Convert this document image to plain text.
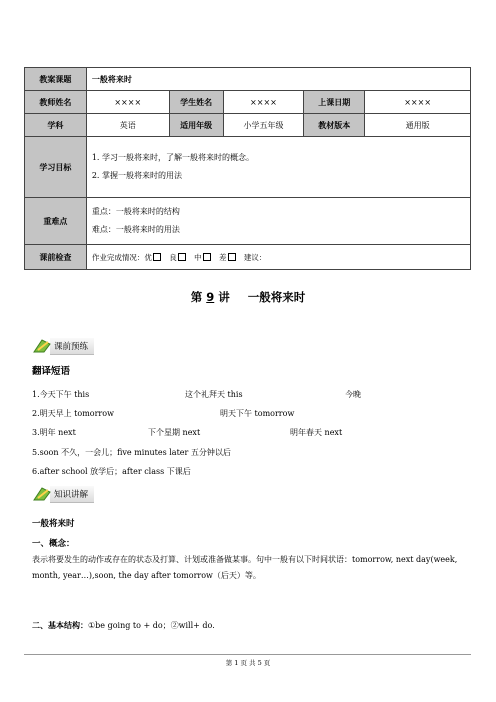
教案课题	一般将来时				
教师姓名	××××	学生姓名	××××	上课日期	××××
学科	英语	适用年级	小学五年级	教材版本	通用版
学习目标	1. 学习一般将来时，了解一般将来时的概念。
2. 掌握一般将来时的用法				

重难点	重点：一般将来时的结构
难点：一般将来时的用法				

课前检查	作业完成情况：优 良 中 差 建议：				
第 9 讲 一般将来时
课前预练
翻译短语
1.今天下午 this	这个礼拜天 this	今晚
2.明天早上 tomorrow	明天下午 tomorrow
3.明年 next	下个星期 next	明年春天 next
5.soon 不久，一会儿；five minutes later 五分钟以后
6.after school 放学后；after class 下课后
知识讲解
一般将来时
一、概念：
表示将要发生的动作或存在的状态及打算、计划或准备做某事。句中一般有以下时间状语：tomorrow, next day(week, month, year…),soon, the day after tomorrow（后天）等。
二、基本结构：①be going to + do；②will+ do.
第 1 页 共 5 页
